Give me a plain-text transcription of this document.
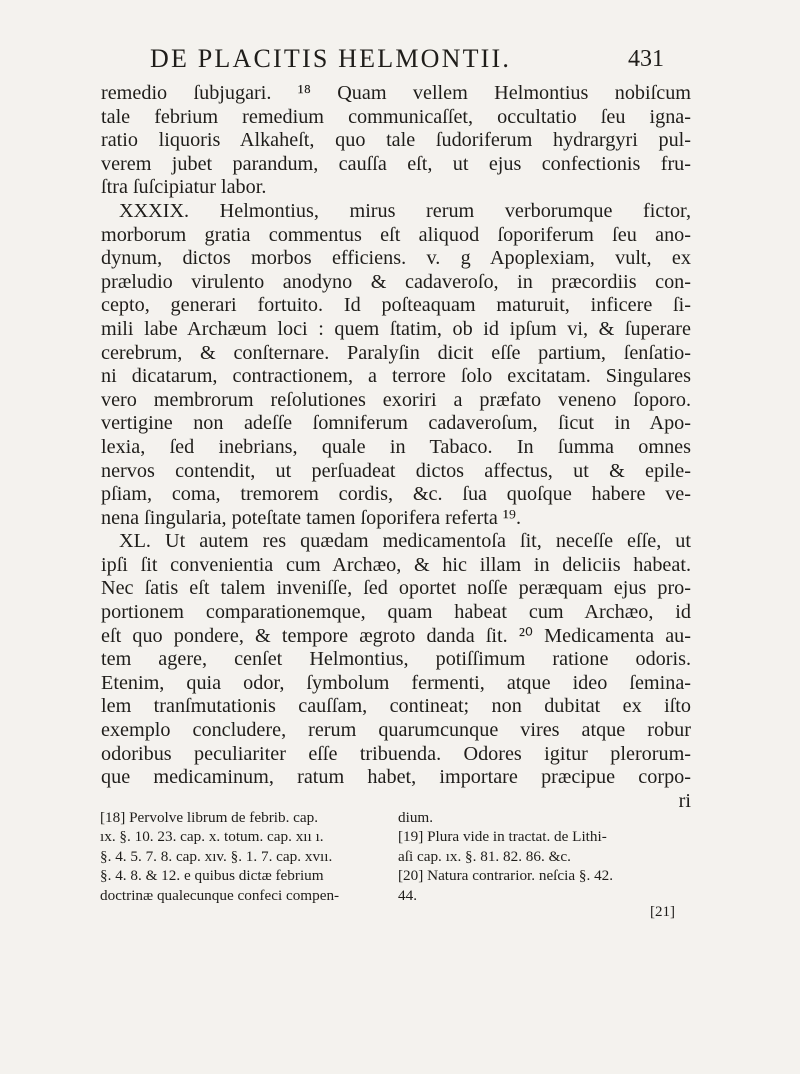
DE PLACITIS HELMONTII.	431
remedio ſubjugari. ¹⁸ Quam vellem Helmontius nobiſcum
tale febrium remedium communicaſſet, occultatio ſeu igna-
ratio liquoris Alkaheſt, quo tale ſudoriferum hydrargyri pul-
verem jubet parandum, cauſſa eſt, ut ejus confectionis fru-
ſtra ſuſcipiatur labor.
XXXIX. Helmontius, mirus rerum verborumque fictor,
morborum gratia commentus eſt aliquod ſoporiferum ſeu ano-
dynum, dictos morbos efficiens. v. g Apoplexiam, vult, ex
præludio virulento anodyno & cadaveroſo, in præcordiis con-
cepto, generari fortuito. Id poſteaquam maturuit, inficere ſi-
mili labe Archæum loci : quem ſtatim, ob id ipſum vi, & ſuperare
cerebrum, & conſternare. Paralyſin dicit eſſe partium, ſenſatio-
ni dicatarum, contractionem, a terrore ſolo excitatam. Singulares
vero membrorum reſolutiones exoriri a præfato veneno ſoporo.
vertigine non adeſſe ſomniferum cadaveroſum, ſicut in Apo-
lexia, ſed inebrians, quale in Tabaco. In ſumma omnes
nervos contendit, ut perſuadeat dictos affectus, ut & epile-
pſiam, coma, tremorem cordis, &c. ſua quoſque habere ve-
nena ſingularia, poteſtate tamen ſoporifera referta ¹⁹.
XL. Ut autem res quædam medicamentoſa ſit, neceſſe eſſe, ut
ipſi ſit convenientia cum Archæo, & hic illam in deliciis habeat.
Nec ſatis eſt talem inveniſſe, ſed oportet noſſe peræquam ejus pro-
portionem comparationemque, quam habeat cum Archæo, id
eſt quo pondere, & tempore ægroto danda ſit. ²⁰ Medicamenta au-
tem agere, cenſet Helmontius, potiſſimum ratione odoris.
Etenim, quia odor, ſymbolum fermenti, atque ideo ſemina-
lem tranſmutationis cauſſam, contineat; non dubitat ex iſto
exemplo concludere, rerum quarumcunque vires atque robur
odoribus peculiariter eſſe tribuenda. Odores igitur plerorum-
que medicaminum, ratum habet, importare præcipue corpo-
ri
[18] Pervolve librum de febrib. cap.
ıx. §. 10. 23. cap. x. totum. cap. xıı ı.
§. 4. 5. 7. 8. cap. xıv. §. 1. 7. cap. xvıı.
§. 4. 8. & 12. e quibus dictæ febrium
doctrinæ qualecunque confeci compen-
dium.
[19] Plura vide in tractat. de Lithi-
aſi cap. ıx. §. 81. 82. 86. &c.
[20] Natura contrarior. neſcia §. 42.
44.
[21]
